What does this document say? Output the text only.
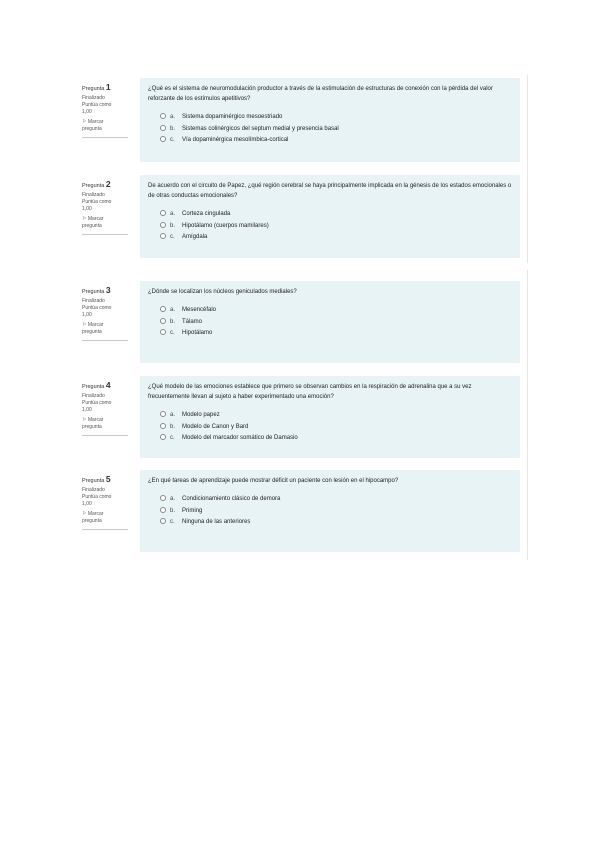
Pregunta 1
Finalizado
Puntúa como
1,00
⚐ Marcar
pregunta
¿Qué es el sistema de neuromodulación productor a través de la estimulación de estructuras de conexión con la pérdida del valor reforzante de los estímulos apetitivos?
a. Sistema dopaminérgico mesoestriado
b. Sistemas colinérgicos del septum medial y presencia basal
c. Vía dopaminérgica mesolímbica-cortical
Pregunta 2
Finalizado
Puntúa como
1,00
⚐ Marcar
pregunta
De acuerdo con el circuito de Papez, ¿qué región cerebral se haya principalmente implicada en la génesis de los estados emocionales o de otras conductas emocionales?
a. Corteza cingulada
b. Hipotálamo (cuerpos mamilares)
c. Amígdala
Pregunta 3
Finalizado
Puntúa como
1,00
⚐ Marcar
pregunta
¿Dónde se localizan los núcleos geniculados mediales?
a. Mesencéfalo
b. Tálamo
c. Hipotálamo
Pregunta 4
Finalizado
Puntúa como
1,00
⚐ Marcar
pregunta
¿Qué modelo de las emociones establece que primero se observan cambios en la respiración de adrenalina que a su vez frecuentemente llevan al sujeto a haber experimentado una emoción?
a. Modelo papez
b. Modelo de Canon y Bard
c. Modelo del marcador somático de Damasio
Pregunta 5
Finalizado
Puntúa como
1,00
⚐ Marcar
pregunta
¿En qué tareas de aprendizaje puede mostrar déficit un paciente con lesión en el hipocampo?
a. Condicionamiento clásico de demora
b. Priming
c. Ninguna de las anteriores
